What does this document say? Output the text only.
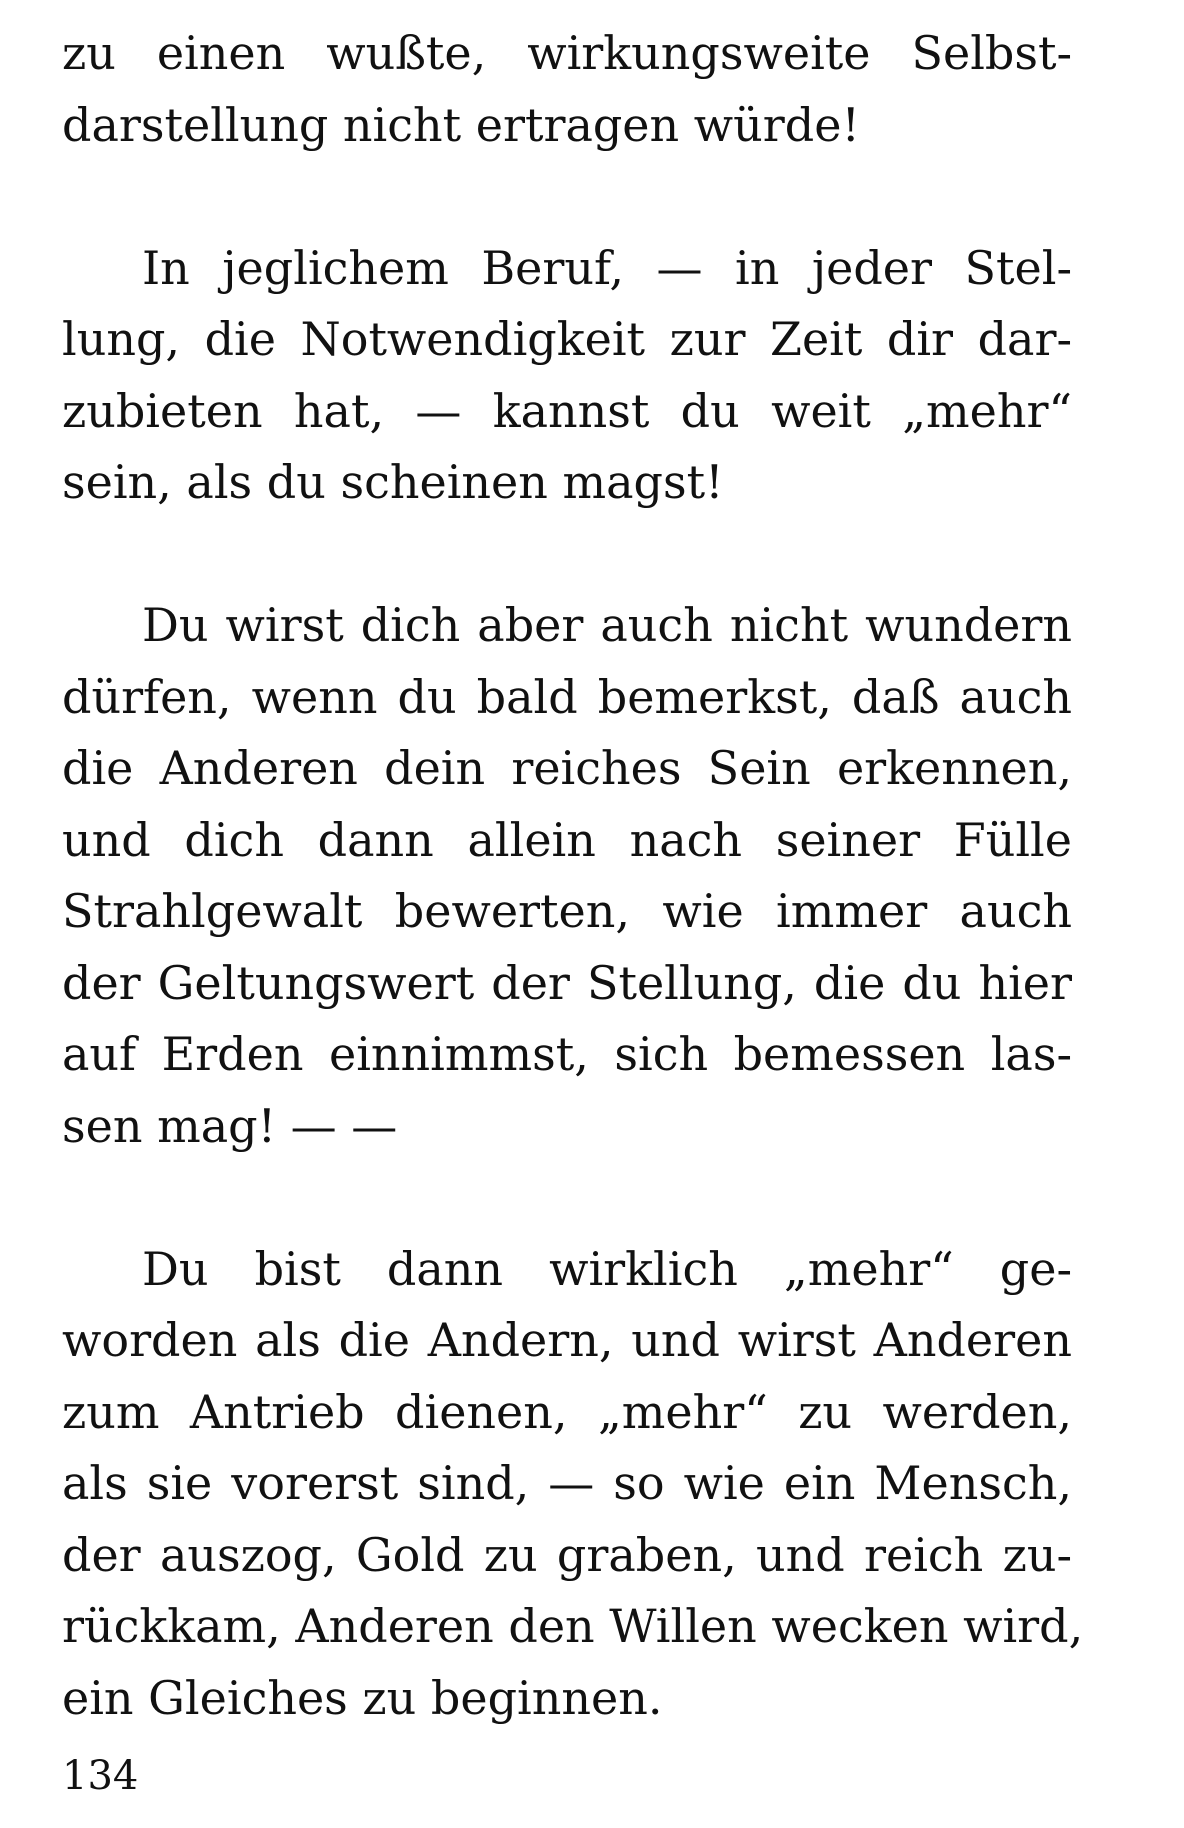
zu einen wußte, wirkungsweite Selbst-
darstellung nicht ertragen würde!
In jeglichem Beruf, — in jeder Stel-
lung, die Notwendigkeit zur Zeit dir dar-
zubieten hat, — kannst du weit „mehr“
sein, als du scheinen magst!
Du wirst dich aber auch nicht wundern
dürfen, wenn du bald bemerkst, daß auch
die Anderen dein reiches Sein erkennen,
und dich dann allein nach seiner Fülle
Strahlgewalt bewerten, wie immer auch
der Geltungswert der Stellung, die du hier
auf Erden einnimmst, sich bemessen las-
sen mag! — —
Du bist dann wirklich „mehr“ ge-
worden als die Andern, und wirst Anderen
zum Antrieb dienen, „mehr“ zu werden,
als sie vorerst sind, — so wie ein Mensch,
der auszog, Gold zu graben, und reich zu-
rückkam, Anderen den Willen wecken wird,
ein Gleiches zu beginnen.
134
